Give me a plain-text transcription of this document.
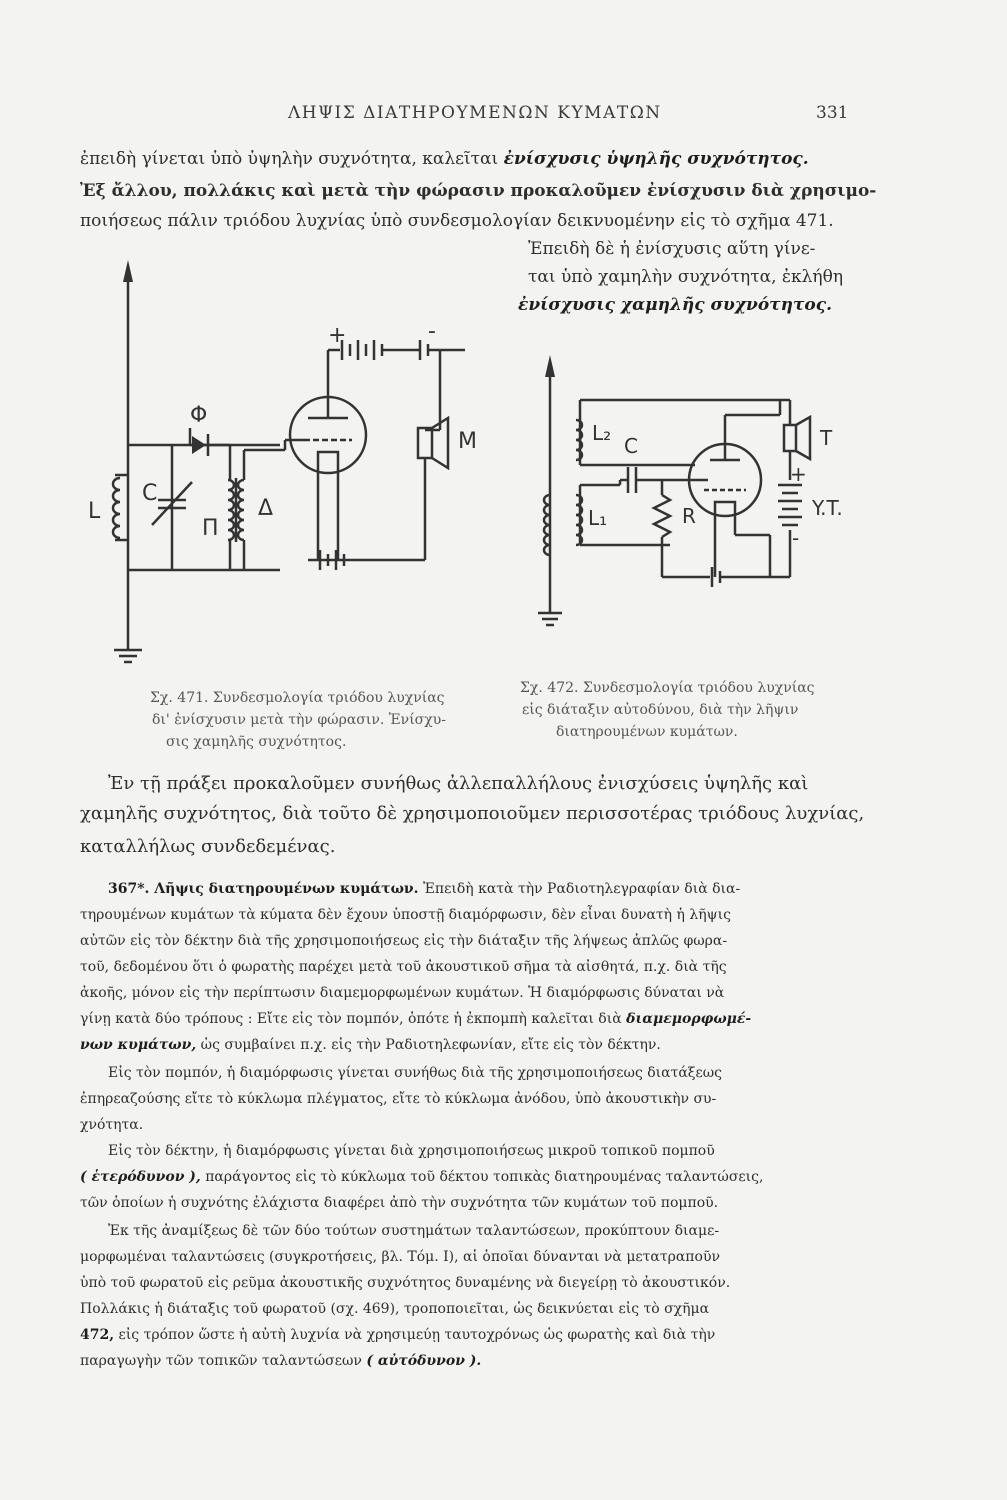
ΛΗΨΙΣ ΔΙΑΤΗΡΟΥΜΕΝΩΝ ΚΥΜΑΤΩΝ	331
ἐπειδὴ γίνεται ὑπὸ ὑψηλὴν συχνότητα, καλεῖται ἐνίσχυσις ὑψηλῆς συχνότητος.
Ἐξ ἄλλου, πολλάκις καὶ μετὰ τὴν φώρασιν προκαλοῦμεν ἐνίσχυσιν διὰ χρησιμο-
ποιήσεως πάλιν τριόδου λυχνίας ὑπὸ συνδεσμολογίαν δεικνυομένην εἰς τὸ σχῆμα 471.
Ἐπειδὴ δὲ ἡ ἐνίσχυσις αὕτη γίνε-
ται ὑπὸ χαμηλὴν συχνότητα, ἐκλήθη
ἐνίσχυσις χαμηλῆς συχνότητος.
Φ
L
C
Π
Δ
M
+	-
L₂
C
L₁	R
T
Y.T.
+
-
Σχ. 471. Συνδεσμολογία τριόδου λυχνίας
δι' ἐνίσχυσιν μετὰ τὴν φώρασιν. Ἐνίσχυ-
σις χαμηλῆς συχνότητος.
Σχ. 472. Συνδεσμολογία τριόδου λυχνίας
εἰς διάταξιν αὐτοδύνου, διὰ τὴν λῆψιν
διατηρουμένων κυμάτων.
Ἐν τῇ πράξει προκαλοῦμεν συνήθως ἀλλεπαλλήλους ἐνισχύσεις ὑψηλῆς καὶ
χαμηλῆς συχνότητος, διὰ τοῦτο δὲ χρησιμοποιοῦμεν περισσοτέρας τριόδους λυχνίας,
καταλλήλως συνδεδεμένας.
367*. Λῆψις διατηρουμένων κυμάτων. Ἐπειδὴ κατὰ τὴν Ραδιοτηλεγραφίαν διὰ δια-
τηρουμένων κυμάτων τὰ κύματα δὲν ἔχουν ὑποστῇ διαμόρφωσιν, δὲν εἶναι δυνατὴ ἡ λῆψις
αὐτῶν εἰς τὸν δέκτην διὰ τῆς χρησιμοποιήσεως εἰς τὴν διάταξιν τῆς λήψεως ἁπλῶς φωρα-
τοῦ, δεδομένου ὅτι ὁ φωρατὴς παρέχει μετὰ τοῦ ἀκουστικοῦ σῆμα τὰ αἰσθητά, π.χ. διὰ τῆς
ἀκοῆς, μόνον εἰς τὴν περίπτωσιν διαμεμορφωμένων κυμάτων. Ἡ διαμόρφωσις δύναται νὰ
γίνῃ κατὰ δύο τρόπους : Εἴτε εἰς τὸν πομπόν, ὁπότε ἡ ἐκπομπὴ καλεῖται διὰ διαμεμορφωμέ-
νων κυμάτων, ὡς συμβαίνει π.χ. εἰς τὴν Ραδιοτηλεφωνίαν, εἴτε εἰς τὸν δέκτην.
Εἰς τὸν πομπόν, ἡ διαμόρφωσις γίνεται συνήθως διὰ τῆς χρησιμοποιήσεως διατάξεως
ἐπηρεαζούσης εἴτε τὸ κύκλωμα πλέγματος, εἴτε τὸ κύκλωμα ἀνόδου, ὑπὸ ἀκουστικὴν συ-
χνότητα.
Εἰς τὸν δέκτην, ἡ διαμόρφωσις γίνεται διὰ χρησιμοποιήσεως μικροῦ τοπικοῦ πομποῦ
( ἑτερόδυνον ), παράγοντος εἰς τὸ κύκλωμα τοῦ δέκτου τοπικὰς διατηρουμένας ταλαντώσεις,
τῶν ὁποίων ἡ συχνότης ἐλάχιστα διαφέρει ἀπὸ τὴν συχνότητα τῶν κυμάτων τοῦ πομποῦ.
Ἐκ τῆς ἀναμίξεως δὲ τῶν δύο τούτων συστημάτων ταλαντώσεων, προκύπτουν διαμε-
μορφωμέναι ταλαντώσεις (συγκροτήσεις, βλ. Τόμ. Ι), αἱ ὁποῖαι δύνανται νὰ μετατραποῦν
ὑπὸ τοῦ φωρατοῦ εἰς ρεῦμα ἀκουστικῆς συχνότητος δυναμένης νὰ διεγείρῃ τὸ ἀκουστικόν.
Πολλάκις ἡ διάταξις τοῦ φωρατοῦ (σχ. 469), τροποποιεῖται, ὡς δεικνύεται εἰς τὸ σχῆμα
472, εἰς τρόπον ὥστε ἡ αὐτὴ λυχνία νὰ χρησιμεύῃ ταυτοχρόνως ὡς φωρατὴς καὶ διὰ τὴν
παραγωγὴν τῶν τοπικῶν ταλαντώσεων ( αὐτόδυνον ).
